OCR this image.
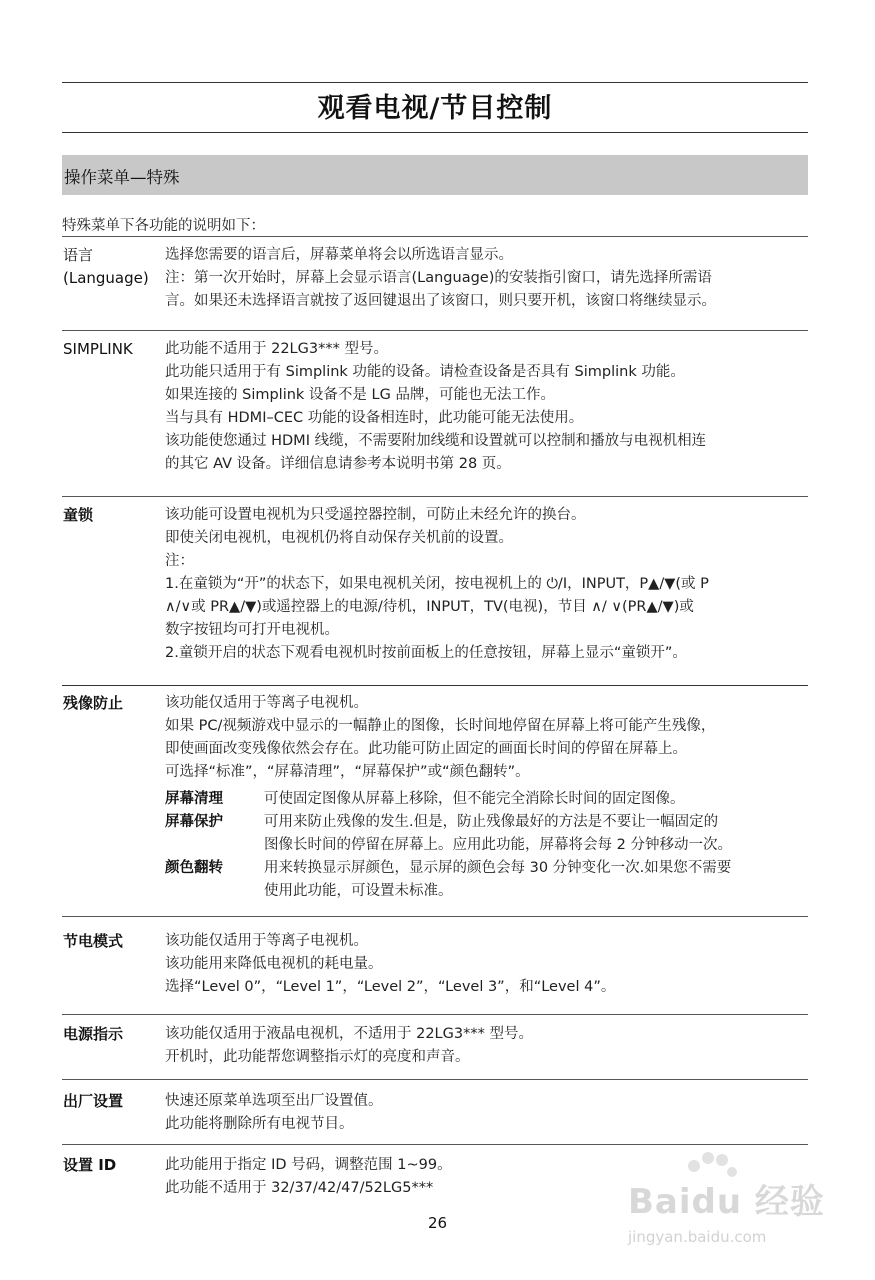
观看电视/节目控制
操作菜单—特殊
特殊菜单下各功能的说明如下：
语言
(Language)
选择您需要的语言后，屏幕菜单将会以所选语言显示。
注：第一次开始时，屏幕上会显示语言(Language)的安装指引窗口，请先选择所需语
言。如果还未选择语言就按了返回键退出了该窗口，则只要开机，该窗口将继续显示。
SIMPLINK 此功能不适用于 22LG3*** 型号。
此功能只适用于有 Simplink 功能的设备。请检查设备是否具有 Simplink 功能。
如果连接的 Simplink 设备不是 LG 品牌，可能也无法工作。
当与具有 HDMI–CEC 功能的设备相连时，此功能可能无法使用。
该功能使您通过 HDMI 线缆，不需要附加线缆和设置就可以控制和播放与电视机相连
的其它 AV 设备。详细信息请参考本说明书第 28 页。
童锁	该功能可设置电视机为只受遥控器控制，可防止未经允许的换台。
即使关闭电视机，电视机仍将自动保存关机前的设置。
注：
1.在童锁为“开”的状态下，如果电视机关闭，按电视机上的 ⏻/I，INPUT，P▲/▼(或 P
∧/∨或 PR▲/▼)或遥控器上的电源/待机，INPUT，TV(电视)，节目 ∧/ ∨(PR▲/▼)或
数字按钮均可打开电视机。
2.童锁开启的状态下观看电视机时按前面板上的任意按钮，屏幕上显示“童锁开”。
残像防止	该功能仅适用于等离子电视机。
如果 PC/视频游戏中显示的一幅静止的图像，长时间地停留在屏幕上将可能产生残像，
即使画面改变残像依然会存在。此功能可防止固定的画面长时间的停留在屏幕上。
可选择“标准”，“屏幕清理”，“屏幕保护”或“颜色翻转”。
屏幕清理	可使固定图像从屏幕上移除，但不能完全消除长时间的固定图像。
屏幕保护	可用来防止残像的发生.但是，防止残像最好的方法是不要让一幅固定的
图像长时间的停留在屏幕上。应用此功能，屏幕将会每 2 分钟移动一次。
颜色翻转	用来转换显示屏颜色，显示屏的颜色会每 30 分钟变化一次.如果您不需要
使用此功能，可设置未标准。
节电模式	该功能仅适用于等离子电视机。
该功能用来降低电视机的耗电量。
选择“Level 0”，“Level 1”，“Level 2”，“Level 3”，和“Level 4”。
电源指示	该功能仅适用于液晶电视机，不适用于 22LG3*** 型号。
开机时，此功能帮您调整指示灯的亮度和声音。
出厂设置	快速还原菜单选项至出厂设置值。
此功能将删除所有电视节目。
设置 ID	此功能用于指定 ID 号码，调整范围 1~99。
此功能不适用于 32/37/42/47/52LG5***
26
Baidu 经验
jingyan.baidu.com
